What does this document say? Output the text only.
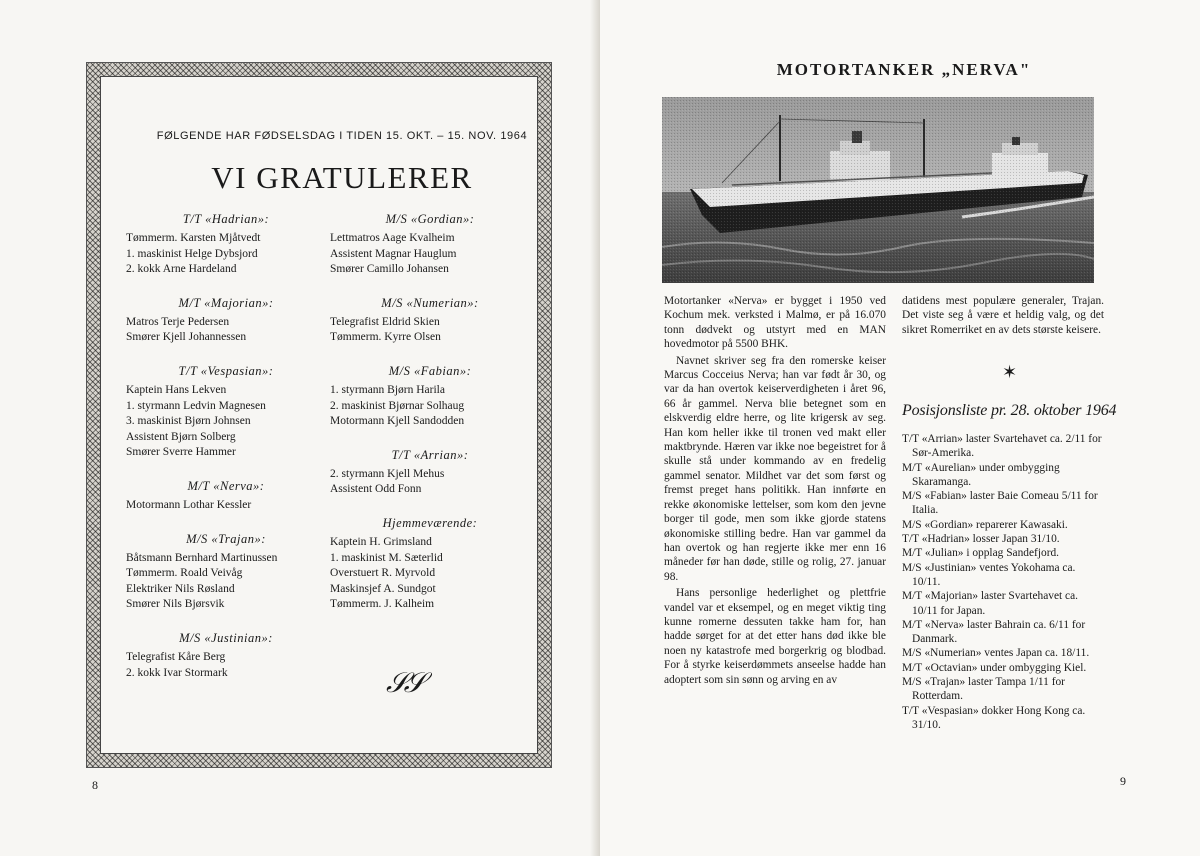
FØLGENDE HAR FØDSELSDAG I TIDEN 15. OKT. – 15. NOV. 1964
VI GRATULERER
T/T «Hadrian»:
Tømmerm. Karsten Mjåtvedt
1. maskinist Helge Dybsjord
2. kokk Arne Hardeland
M/T «Majorian»:
Matros Terje Pedersen
Smører Kjell Johannessen
T/T «Vespasian»:
Kaptein Hans Lekven
1. styrmann Ledvin Magnesen
3. maskinist Bjørn Johnsen
Assistent Bjørn Solberg
Smører Sverre Hammer
M/T «Nerva»:
Motormann Lothar Kessler
M/S «Trajan»:
Båtsmann Bernhard Martinussen
Tømmerm. Roald Veivåg
Elektriker Nils Røsland
Smører Nils Bjørsvik
M/S «Justinian»:
Telegrafist Kåre Berg
2. kokk Ivar Stormark
M/S «Gordian»:
Lettmatros Aage Kvalheim
Assistent Magnar Hauglum
Smører Camillo Johansen
M/S «Numerian»:
Telegrafist Eldrid Skien
Tømmerm. Kyrre Olsen
M/S «Fabian»:
1. styrmann Bjørn Harila
2. maskinist Bjørnar Solhaug
Motormann Kjell Sandodden
T/T «Arrian»:
2. styrmann Kjell Mehus
Assistent Odd Fonn
Hjemmeværende:
Kaptein H. Grimsland
1. maskinist M. Sæterlid
Overstuert R. Myrvold
Maskinsjef A. Sundgot
Tømmerm. J. Kalheim
𝒮𝒮
8
MOTORTANKER „NERVA"

Motortanker «Nerva» er bygget i 1950 ved Kochum mek. verksted i Malmø, er på 16.070 tonn dødvekt og utstyrt med en MAN hovedmotor på 5500 BHK.

Navnet skriver seg fra den romerske keiser Marcus Cocceius Nerva; han var født år 30, og var da han overtok keiserverdigheten i året 96, 66 år gammel. Nerva blie betegnet som en elskverdig eldre herre, og lite krigersk av seg. Han kom heller ikke til tronen ved makt eller maktbrynde. Hæren var ikke noe begeistret for å skulle stå under kommando av en fredelig gammel senator. Mildhet var det som først og fremst preget hans politikk. Han innførte en rekke økonomiske lettelser, som kom den jevne borger til gode, men som ikke gjorde statens økonomiske stilling bedre. Han var gammel da han overtok og han regjerte ikke mer enn 16 måneder før han døde, stille og rolig, 27. januar 98.

Hans personlige hederlighet og plettfrie vandel var et eksempel, og en meget viktig ting kunne romerne dessuten takke ham for, han hadde sørget for at det etter hans død ikke ble noen ny katastrofe med borgerkrig og blodbad. For å styrke keiserdømmets anseelse hadde han adoptert som sin sønn og arving en av

datidens mest populære generaler, Trajan. Det viste seg å være et heldig valg, og det sikret Romerriket en av dets største keisere.
✶
Posisjonsliste pr. 28. oktober 1964
T/T «Arrian» laster Svartehavet ca. 2/11 for Sør-Amerika.
M/T «Aurelian» under ombygging Skaramanga.
M/S «Fabian» laster Baie Comeau 5/11 for Italia.
M/S «Gordian» reparerer Kawasaki.
T/T «Hadrian» losser Japan 31/10.
M/T «Julian» i opplag Sandefjord.
M/S «Justinian» ventes Yokohama ca. 10/11.
M/T «Majorian» laster Svartehavet ca. 10/11 for Japan.
M/T «Nerva» laster Bahrain ca. 6/11 for Danmark.
M/S «Numerian» ventes Japan ca. 18/11.
M/T «Octavian» under ombygging Kiel.
M/S «Trajan» laster Tampa 1/11 for Rotterdam.
T/T «Vespasian» dokker Hong Kong ca. 31/10.
9
